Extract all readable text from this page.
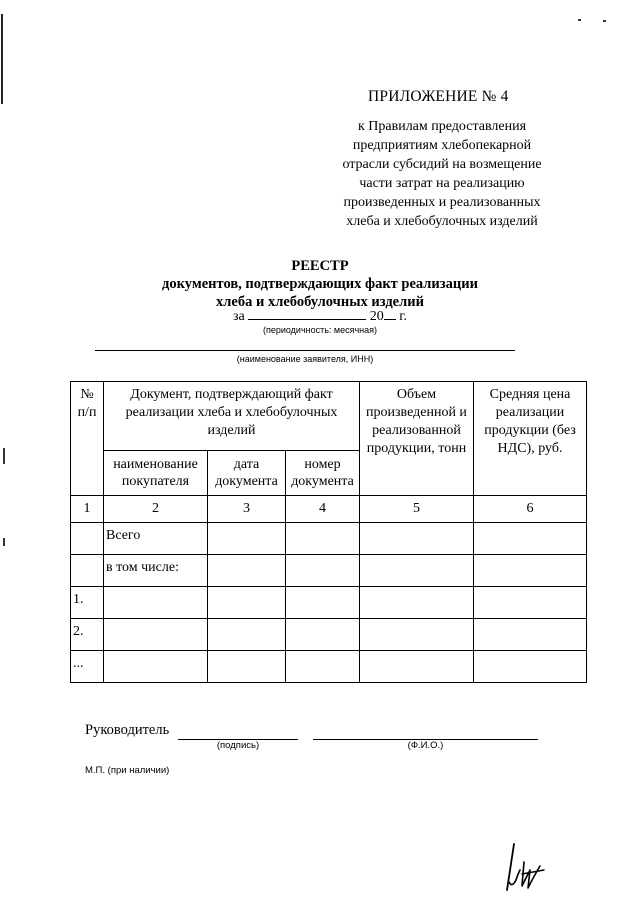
ПРИЛОЖЕНИЕ № 4
к Правилам предоставления
предприятиям хлебопекарной
отрасли субсидий на возмещение
части затрат на реализацию
произведенных и реализованных
хлеба и хлебобулочных изделий
РЕЕСТР
документов, подтверждающих факт реализации
хлеба и хлебобулочных изделий
за	20 г.
(периодичность: месячная)
(наименование заявителя, ИНН)
№ п/п	Документ, подтверждающий факт реализации хлеба и хлебобулочных изделий			Объем произведенной и реализованной продукции, тонн	Средняя цена реализации продукции (без НДС), руб.
	наименование покупателя	дата документа	номер документа		
1	2	3	4	5	6
	Всего				
	в том числе:				
1.					
2.					
...					
Руководитель
(подпись)	(Ф.И.О.)
М.П. (при наличии)
